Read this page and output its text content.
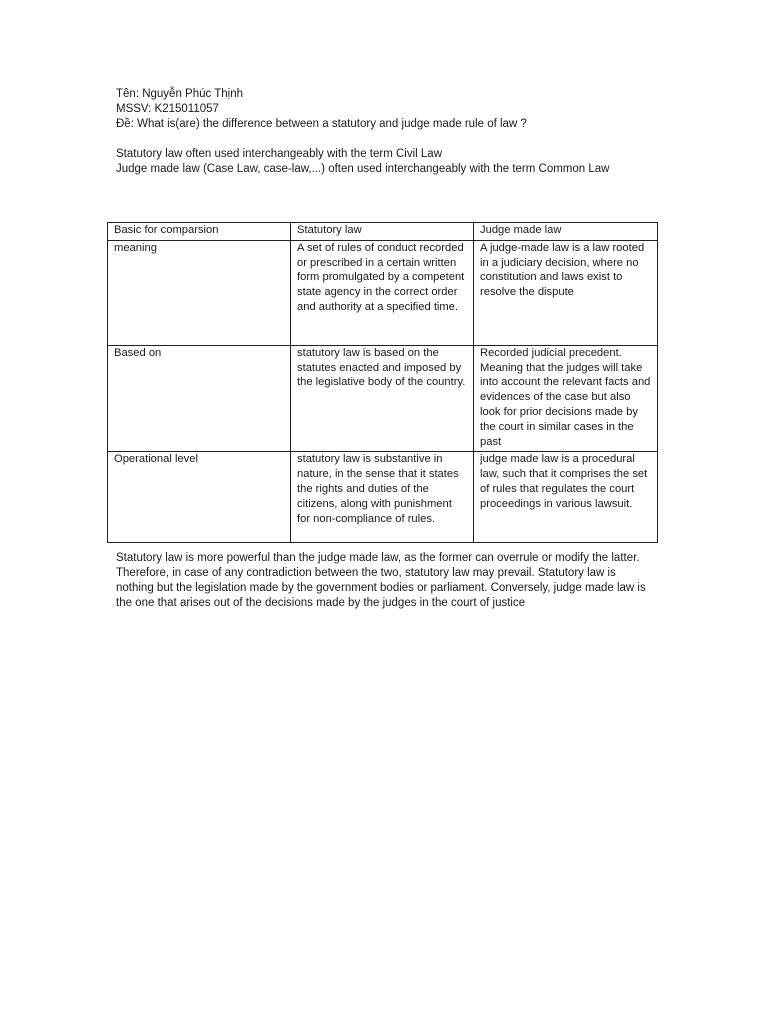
Tên: Nguyễn Phúc Thịnh
MSSV: K215011057
Đề: What is(are) the difference between a statutory and judge made rule of law ?
Statutory law often used interchangeably with the term Civil Law
Judge made law (Case Law, case-law,...) often used interchangeably with the term Common Law
Basic for comparsion	Statutory law	Judge made law
meaning	A set of rules of conduct recorded or prescribed in a certain written form promulgated by a competent state agency in the correct order and authority at a specified time.	A judge-made law is a law rooted in a judiciary decision, where no constitution and laws exist to resolve the dispute
Based on	statutory law is based on the statutes enacted and imposed by the legislative body of the country.	Recorded judicial precedent. Meaning that the judges will take into account the relevant facts and evidences of the case but also look for prior decisions made by the court in similar cases in the past
Operational level	statutory law is substantive in nature, in the sense that it states the rights and duties of the citizens, along with punishment for non-compliance of rules.	judge made law is a procedural law, such that it comprises the set of rules that regulates the court proceedings in various lawsuit.
Statutory law is more powerful than the judge made law, as the former can overrule or modify the latter. Therefore, in case of any contradiction between the two, statutory law may prevail. Statutory law is nothing but the legislation made by the government bodies or parliament. Conversely, judge made law is the one that arises out of the decisions made by the judges in the court of justice
